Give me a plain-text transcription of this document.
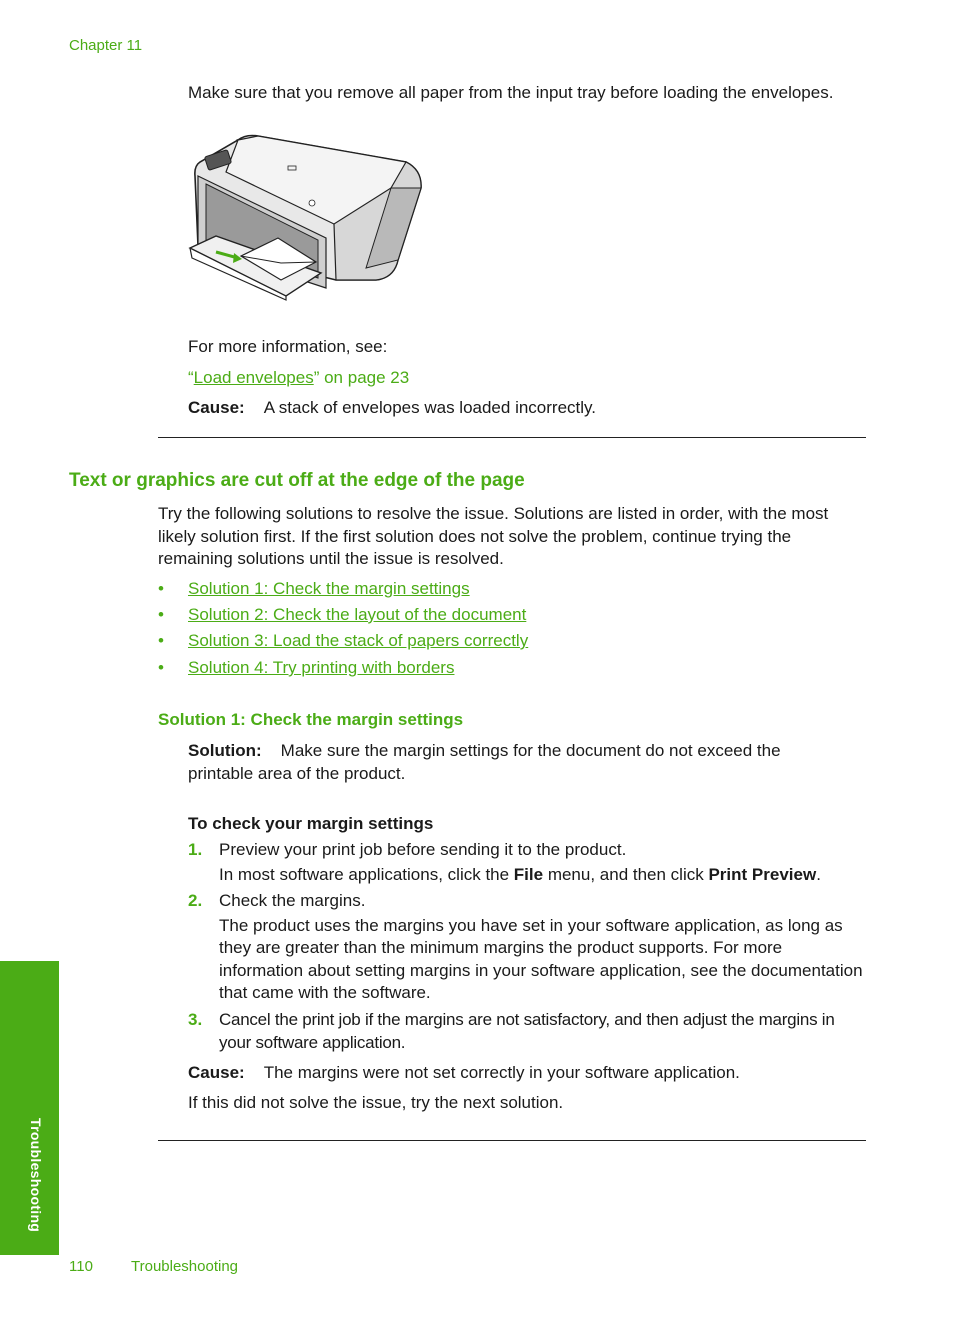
Chapter 11
Make sure that you remove all paper from the input tray before loading the envelopes.
For more information, see:
“Load envelopes” on page 23
Cause: A stack of envelopes was loaded incorrectly.
Text or graphics are cut off at the edge of the page
Try the following solutions to resolve the issue. Solutions are listed in order, with the most likely solution first. If the first solution does not solve the problem, continue trying the remaining solutions until the issue is resolved.
• Solution 1: Check the margin settings
• Solution 2: Check the layout of the document
• Solution 3: Load the stack of papers correctly
• Solution 4: Try printing with borders
Solution 1: Check the margin settings
Solution: Make sure the margin settings for the document do not exceed the printable area of the product.
To check your margin settings
1. Preview your print job before sending it to the product.
In most software applications, click the File menu, and then click Print Preview.
2. Check the margins.
The product uses the margins you have set in your software application, as long as they are greater than the minimum margins the product supports. For more information about setting margins in your software application, see the documentation that came with the software.
3. Cancel the print job if the margins are not satisfactory, and then adjust the margins in your software application.
Cause: The margins were not set correctly in your software application.
If this did not solve the issue, try the next solution.
Troubleshooting
110	Troubleshooting
